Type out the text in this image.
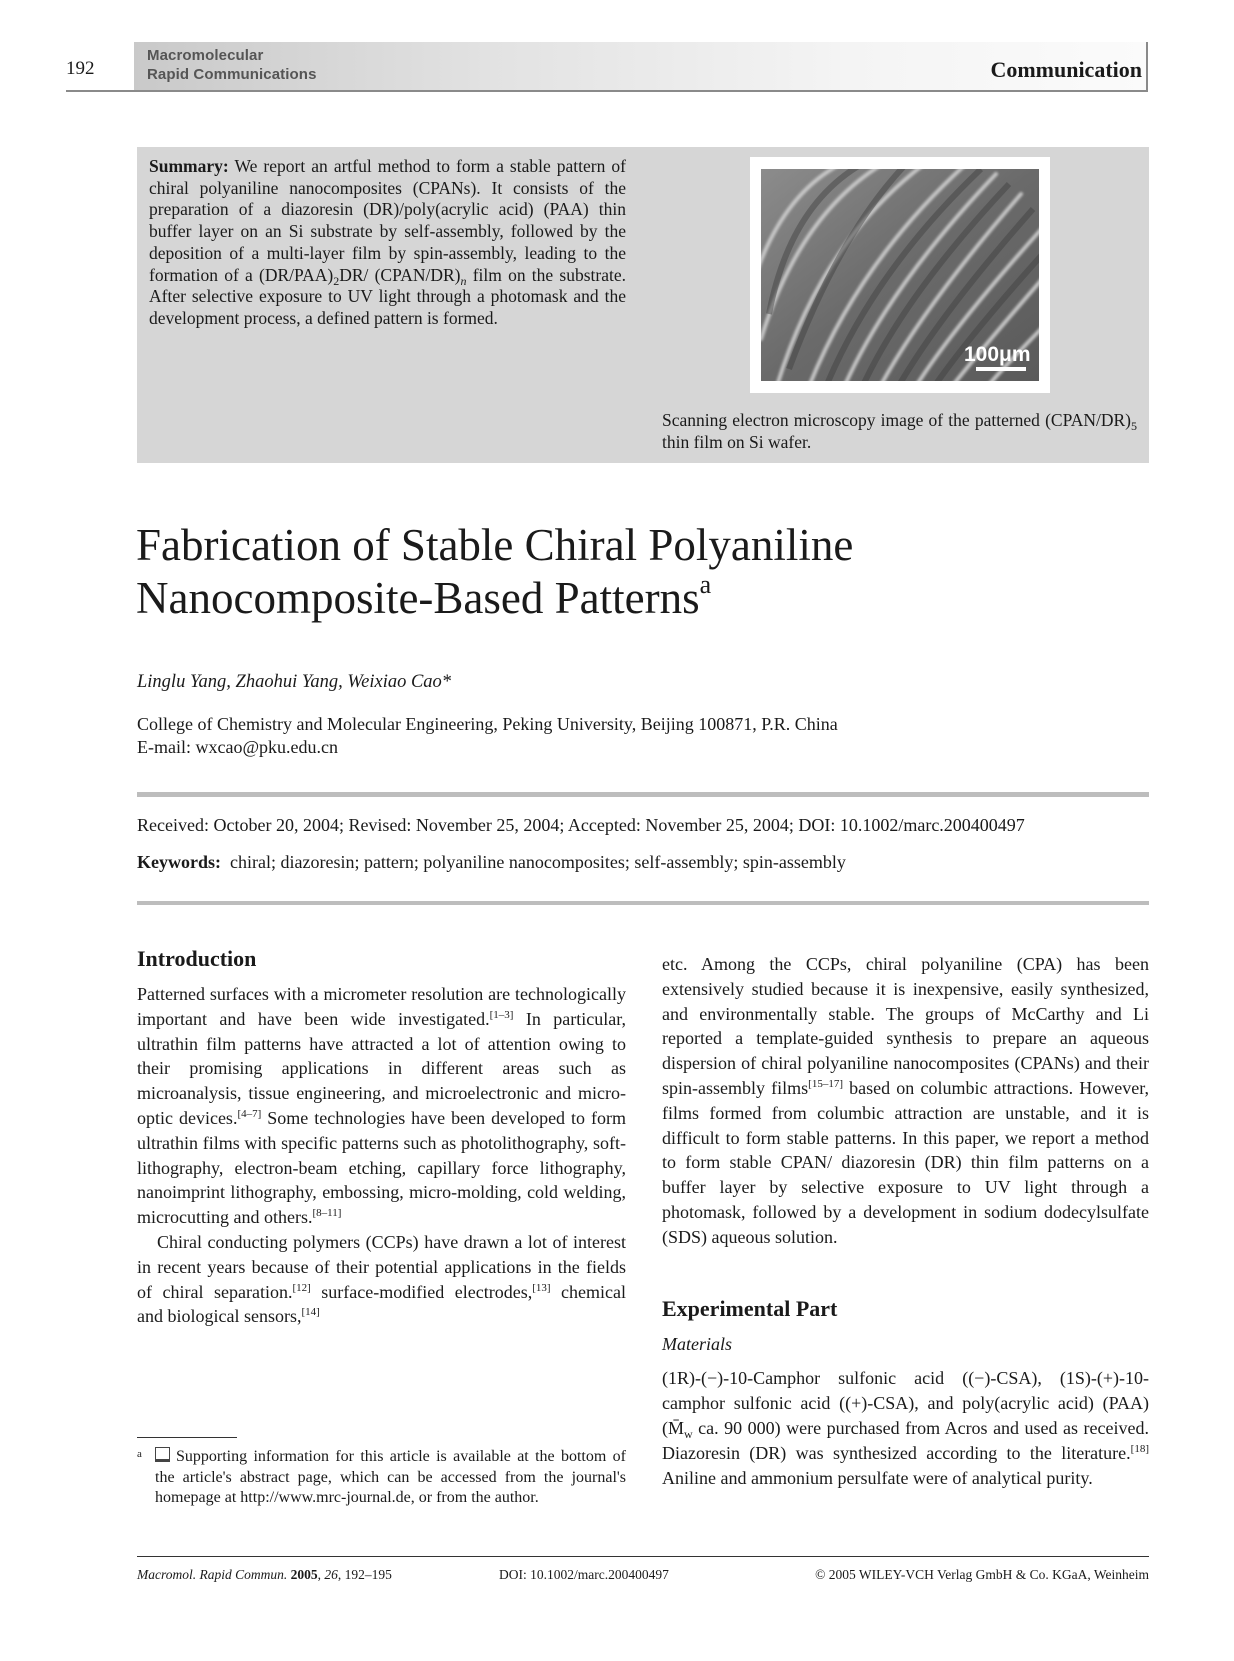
192
Macromolecular
Rapid Communications	Communication
Summary: We report an artful method to form a stable pattern of chiral polyaniline nanocomposites (CPANs). It consists of the preparation of a diazoresin (DR)/poly(acrylic acid) (PAA) thin buffer layer on an Si substrate by self-assembly, followed by the deposition of a multi-layer film by spin-assembly, leading to the formation of a $(DR/PAA)_2DR/$ $(CPAN/DR)_n$ film on the substrate. After selective exposure to UV light through a photomask and the development process, a defined pattern is formed.
100μm
Scanning electron microscopy image of the patterned $(CPAN/DR)_5$ thin film on Si wafer.
Fabrication of Stable Chiral Polyaniline
Nanocomposite-Based Patterns$^a$
Linglu Yang, Zhaohui Yang, Weixiao Cao*
College of Chemistry and Molecular Engineering, Peking University, Beijing 100871, P.R. China
E-mail: wxcao@pku.edu.cn
Received: October 20, 2004; Revised: November 25, 2004; Accepted: November 25, 2004; DOI: 10.1002/marc.200400497
Keywords: chiral; diazoresin; pattern; polyaniline nanocomposites; self-assembly; spin-assembly
Introduction

Patterned surfaces with a micrometer resolution are technologically important and have been wide investigated.[1–3] In particular, ultrathin film patterns have attracted a lot of attention owing to their promising applications in different areas such as microanalysis, tissue engineering, and microelectronic and micro-optic devices.[4–7] Some technologies have been developed to form ultrathin films with specific patterns such as photolithography, soft-lithography, electron-beam etching, capillary force lithography, nanoimprint lithography, embossing, micro-molding, cold welding, microcutting and others.[8–11]

Chiral conducting polymers (CCPs) have drawn a lot of interest in recent years because of their potential applications in the fields of chiral separation.[12] surface-modified electrodes,[13] chemical and biological sensors,[14]

etc. Among the CCPs, chiral polyaniline (CPA) has been extensively studied because it is inexpensive, easily synthesized, and environmentally stable. The groups of McCarthy and Li reported a template-guided synthesis to prepare an aqueous dispersion of chiral polyaniline nanocomposites (CPANs) and their spin-assembly films[15–17] based on columbic attractions. However, films formed from columbic attraction are unstable, and it is difficult to form stable patterns. In this paper, we report a method to form stable CPAN/ diazoresin (DR) thin film patterns on a buffer layer by selective exposure to UV light through a photomask, followed by a development in sodium dodecylsulfate (SDS) aqueous solution.

Experimental Part
Materials

(1R)-(−)-10-Camphor sulfonic acid ((−)-CSA), (1S)-(+)-10-camphor sulfonic acid ((+)-CSA), and poly(acrylic acid) (PAA) ($M̄_w$ ca. 90 000) were purchased from Acros and used as received. Diazoresin (DR) was synthesized according to the literature.[18] Aniline and ammonium persulfate were of analytical purity.

a	Supporting information for this article is available at the bottom of the article's abstract page, which can be accessed from the journal's homepage at http://www.mrc-journal.de, or from the author.
Macromol. Rapid Commun. 2005, 26, 192–195	DOI: 10.1002/marc.200400497	© 2005 WILEY-VCH Verlag GmbH & Co. KGaA, Weinheim
